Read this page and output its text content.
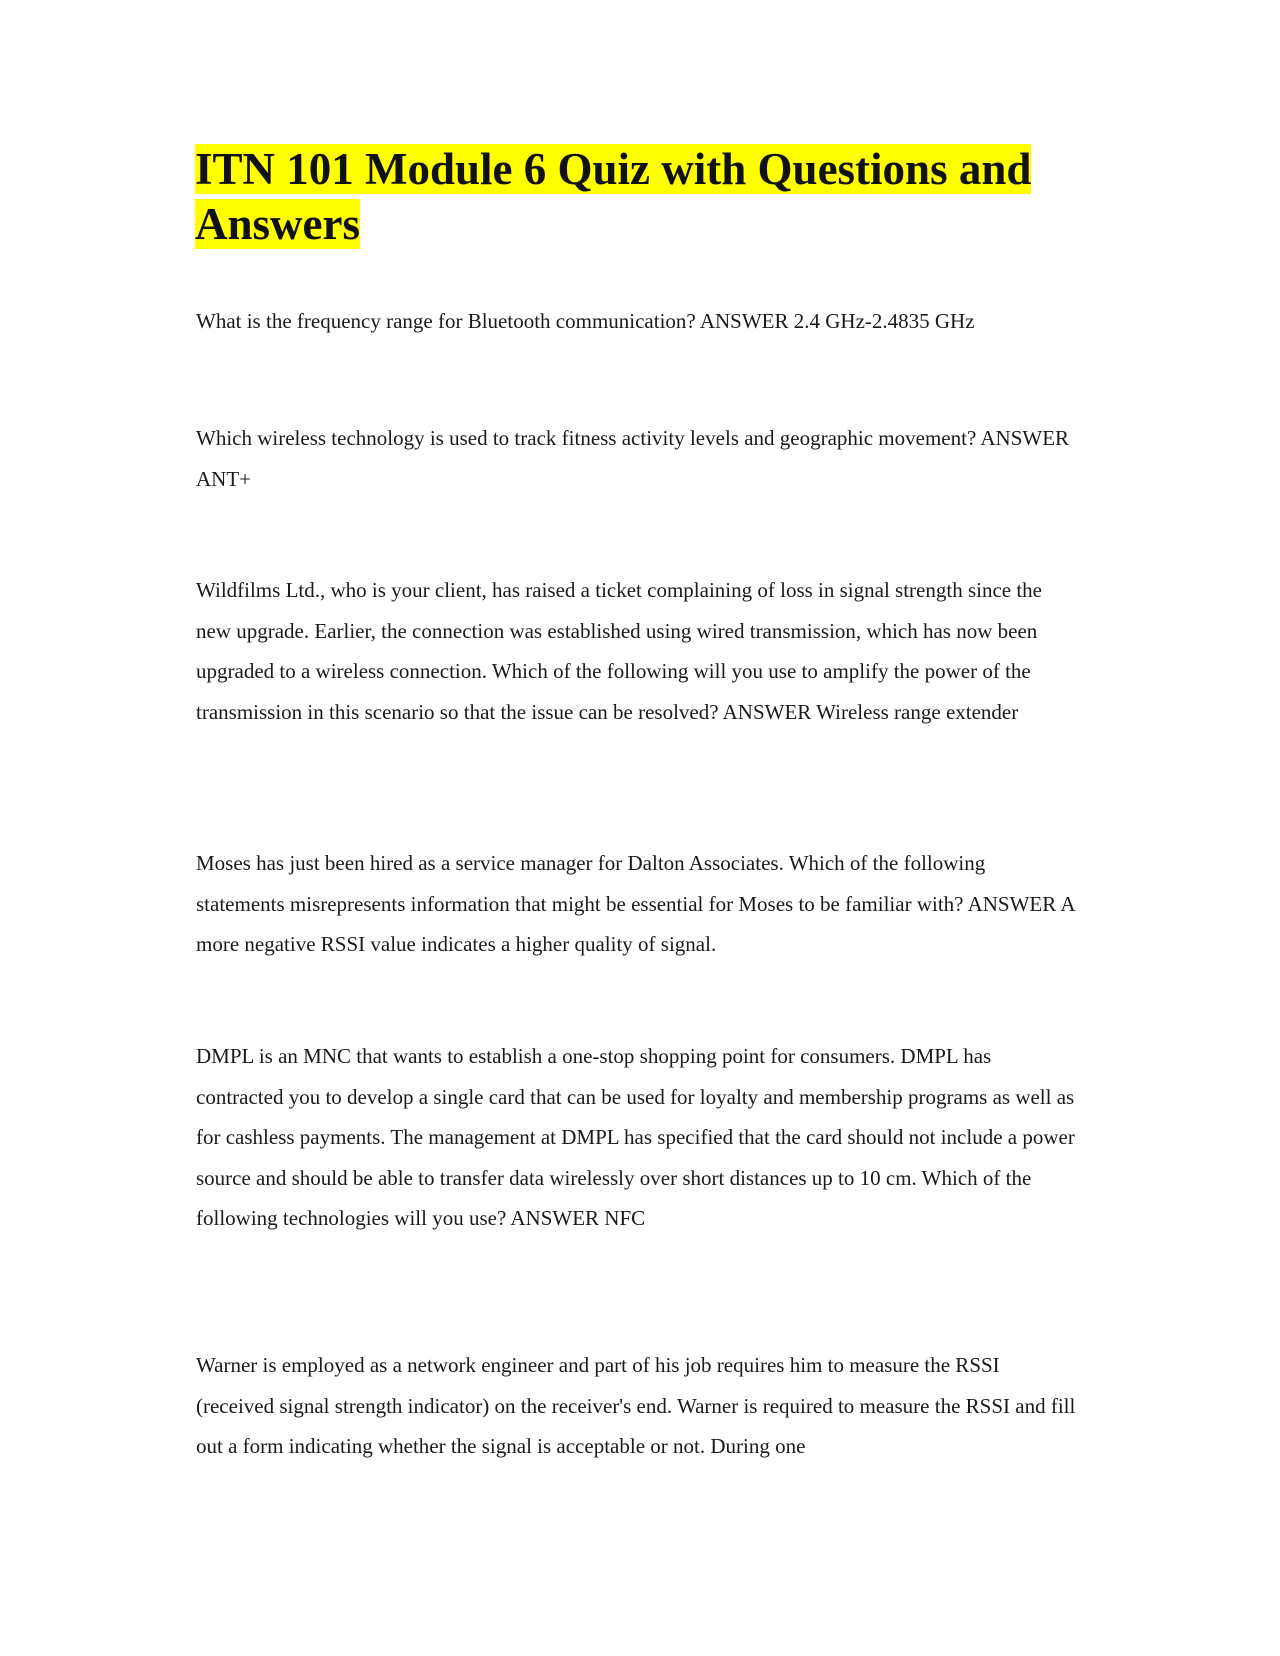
ITN 101 Module 6 Quiz with Questions and Answers

What is the frequency range for Bluetooth communication? ANSWER 2.4 GHz-2.4835 GHz

Which wireless technology is used to track fitness activity levels and geographic movement? ANSWER ANT+

Wildfilms Ltd., who is your client, has raised a ticket complaining of loss in signal strength since the new upgrade. Earlier, the connection was established using wired transmission, which has now been upgraded to a wireless connection. Which of the following will you use to amplify the power of the transmission in this scenario so that the issue can be resolved? ANSWER Wireless range extender

Moses has just been hired as a service manager for Dalton Associates. Which of the following statements misrepresents information that might be essential for Moses to be familiar with? ANSWER A more negative RSSI value indicates a higher quality of signal.

DMPL is an MNC that wants to establish a one-stop shopping point for consumers. DMPL has contracted you to develop a single card that can be used for loyalty and membership programs as well as for cashless payments. The management at DMPL has specified that the card should not include a power source and should be able to transfer data wirelessly over short distances up to 10 cm. Which of the following technologies will you use? ANSWER NFC

Warner is employed as a network engineer and part of his job requires him to measure the RSSI (received signal strength indicator) on the receiver's end. Warner is required to measure the RSSI and fill out a form indicating whether the signal is acceptable or not. During one
